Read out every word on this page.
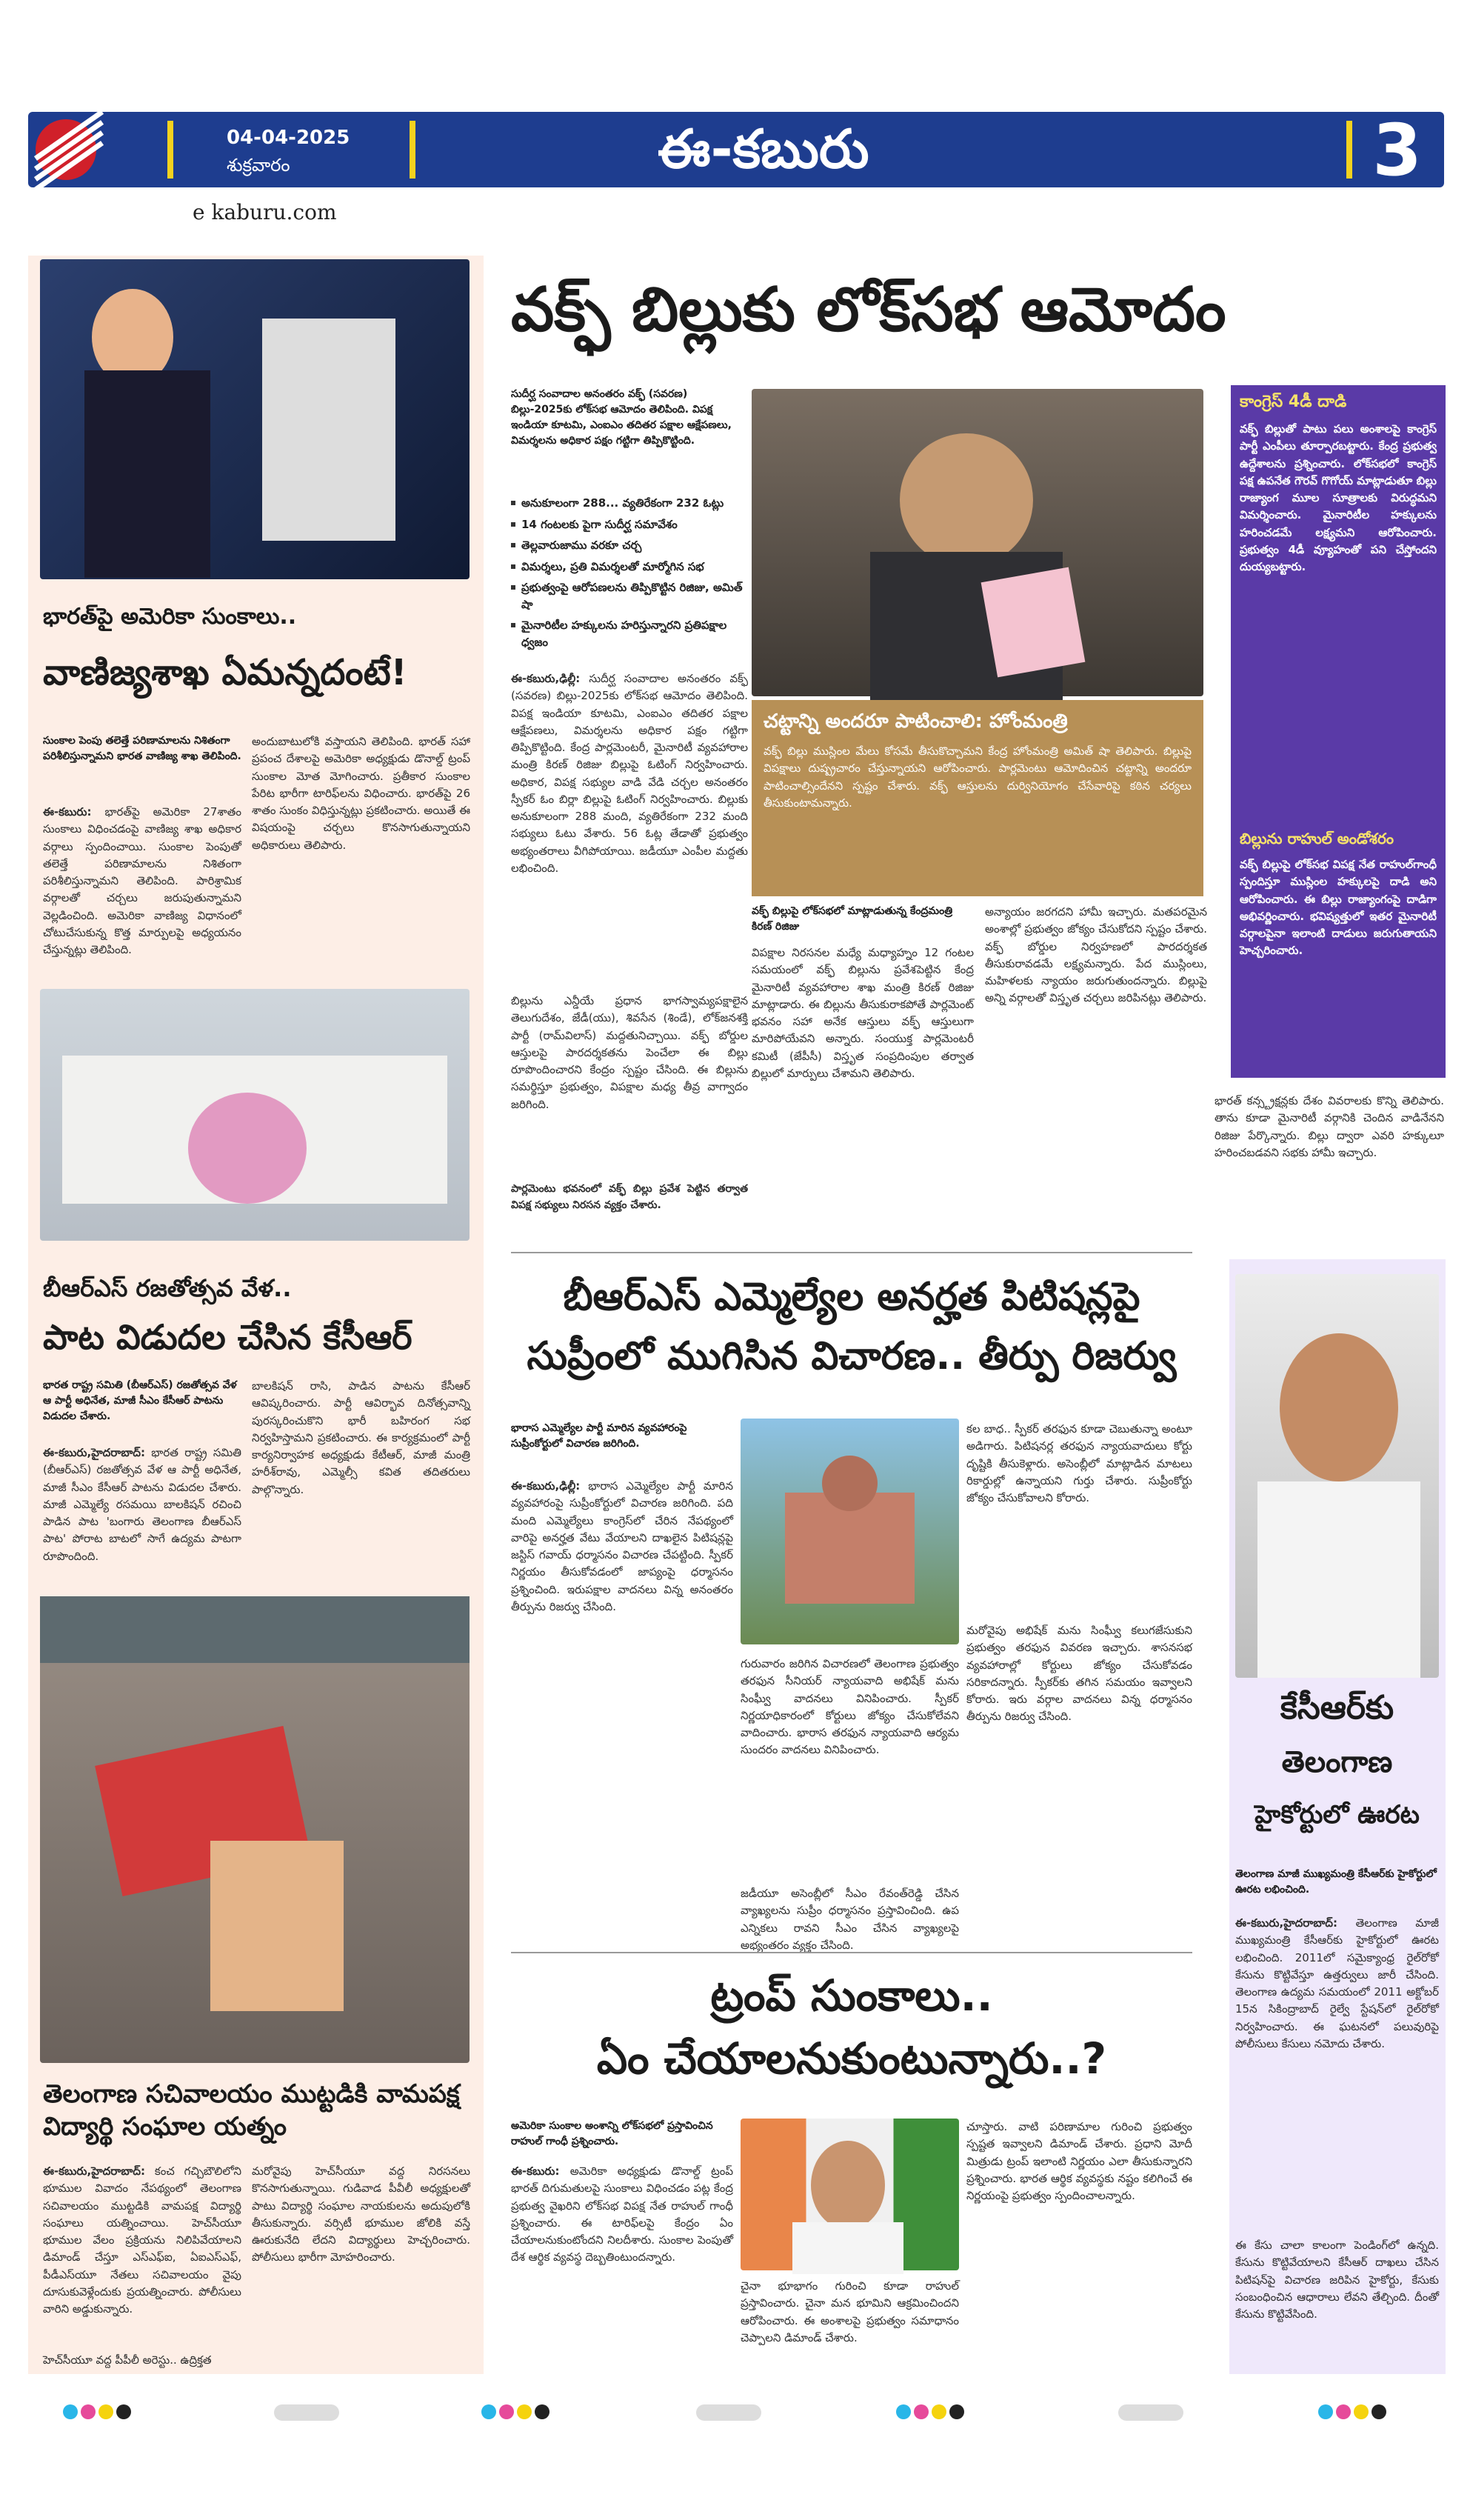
04-04-2025
శుక్రవారం	ఈ-కబురు	3
e kaburu.com
భారత్‌పై అమెరికా సుంకాలు..
వాణిజ్యశాఖ ఏమన్నదంటే!
సుంకాల పెంపు తలెత్తే పరిణామాలను నిశితంగా పరిశీలిస్తున్నామని భారత వాణిజ్య శాఖ తెలిపింది.
ఈ-కబురు: భారత్‌పై అమెరికా 27శాతం సుంకాలు విధించడంపై వాణిజ్య శాఖ అధికార వర్గాలు స్పందించాయి. సుంకాల పెంపుతో తలెత్తే పరిణామాలను నిశితంగా పరిశీలిస్తున్నామని తెలిపింది. పారిశ్రామిక వర్గాలతో చర్చలు జరుపుతున్నామని వెల్లడించింది. అమెరికా వాణిజ్య విధానంలో చోటుచేసుకున్న కొత్త మార్పులపై అధ్యయనం చేస్తున్నట్లు తెలిపింది.
అందుబాటులోకి వస్తాయని తెలిపింది. భారత్ సహా ప్రపంచ దేశాలపై అమెరికా అధ్యక్షుడు డొనాల్డ్ ట్రంప్ సుంకాల మోత మోగించారు. ప్రతీకార సుంకాల పేరిట భారీగా టారిఫ్‌లను విధించారు. భారత్‌పై 26 శాతం సుంకం విధిస్తున్నట్లు ప్రకటించారు. అయితే ఈ విషయంపై చర్చలు కొనసాగుతున్నాయని అధికారులు తెలిపారు.
బీఆర్ఎస్ రజతోత్సవ వేళ..
పాట విడుదల చేసిన కేసీఆర్
భారత రాష్ట్ర సమితి (బీఆర్ఎస్) రజతోత్సవ వేళ ఆ పార్టీ అధినేత, మాజీ సీఎం కేసీఆర్ పాటను విడుదల చేశారు.
ఈ-కబురు,హైదరాబాద్: భారత రాష్ట్ర సమితి (బీఆర్ఎస్) రజతోత్సవ వేళ ఆ పార్టీ అధినేత, మాజీ సీఎం కేసీఆర్ పాటను విడుదల చేశారు. మాజీ ఎమ్మెల్యే రసమయి బాలకిషన్ రచించి పాడిన పాట 'బంగారు తెలంగాణ బీఆర్ఎస్ పాట' పోరాట బాటలో సాగే ఉద్యమ పాటగా రూపొందింది.
బాలకిషన్ రాసి, పాడిన పాటను కేసీఆర్ ఆవిష్కరించారు. పార్టీ ఆవిర్భావ దినోత్సవాన్ని పురస్కరించుకొని భారీ బహిరంగ సభ నిర్వహిస్తామని ప్రకటించారు. ఈ కార్యక్రమంలో పార్టీ కార్యనిర్వాహక అధ్యక్షుడు కేటీఆర్, మాజీ మంత్రి హరీశ్‌రావు, ఎమ్మెల్సీ కవిత తదితరులు పాల్గొన్నారు.
తెలంగాణ సచివాలయం ముట్టడికి వామపక్ష విద్యార్థి సంఘాల యత్నం
ఈ-కబురు,హైదరాబాద్: కంచ గచ్చిబౌలిలోని భూముల వివాదం నేపథ్యంలో తెలంగాణ సచివాలయం ముట్టడికి వామపక్ష విద్యార్థి సంఘాలు యత్నించాయి. హెచ్‌సీయూ భూముల వేలం ప్రక్రియను నిలిపివేయాలని డిమాండ్ చేస్తూ ఎస్ఎఫ్ఐ, ఏఐఎస్ఎఫ్, పీడీఎస్‌యూ నేతలు సచివాలయం వైపు దూసుకువెళ్లేందుకు ప్రయత్నించారు. పోలీసులు వారిని అడ్డుకున్నారు.
హెచ్‌సీయూ వద్ద పీపీలీ అరెస్టు.. ఉద్రిక్తత
మరోవైపు హెచ్‌సీయూ వద్ద నిరసనలు కొనసాగుతున్నాయి. గుడివాడ పీవీలీ అధ్యక్షులతో పాటు విద్యార్థి సంఘాల నాయకులను అదుపులోకి తీసుకున్నారు. వర్సిటీ భూముల జోలికి వస్తే ఊరుకునేది లేదని విద్యార్థులు హెచ్చరించారు. పోలీసులు భారీగా మోహరించారు.
వక్ఫ్ బిల్లుకు లోక్‌సభ ఆమోదం
సుదీర్ఘ సంవాదాల అనంతరం వక్ఫ్ (సవరణ) బిల్లు-2025కు లోక్‌సభ ఆమోదం తెలిపింది. విపక్ష ఇండియా కూటమి, ఎంఐఎం తదితర పక్షాల ఆక్షేపణలు, విమర్శలను అధికార పక్షం గట్టిగా తిప్పికొట్టింది.
అనుకూలంగా 288... వ్యతిరేకంగా 232 ఓట్లు
14 గంటలకు పైగా సుదీర్ఘ సమావేశం
తెల్లవారుజాము వరకూ చర్చ
విమర్శలు, ప్రతి విమర్శలతో మార్మోగిన సభ
ప్రభుత్వంపై ఆరోపణలను తిప్పికొట్టిన రిజిజు, అమిత్ షా
మైనారిటీల హక్కులను హరిస్తున్నారని ప్రతిపక్షాల ధ్వజం
ఈ-కబురు,ఢిల్లీ: సుదీర్ఘ సంవాదాల అనంతరం వక్ఫ్ (సవరణ) బిల్లు-2025కు లోక్‌సభ ఆమోదం తెలిపింది. విపక్ష ఇండియా కూటమి, ఎంఐఎం తదితర పక్షాల ఆక్షేపణలు, విమర్శలను అధికార పక్షం గట్టిగా తిప్పికొట్టింది. కేంద్ర పార్లమెంటరీ, మైనారిటీ వ్యవహారాల మంత్రి కిరణ్ రిజిజు బిల్లుపై ఓటింగ్ నిర్వహించారు. అధికార, విపక్ష సభ్యుల వాడి వేడి చర్చల అనంతరం స్పీకర్ ఓం బిర్లా బిల్లుపై ఓటింగ్ నిర్వహించారు. బిల్లుకు అనుకూలంగా 288 మంది, వ్యతిరేకంగా 232 మంది సభ్యులు ఓటు వేశారు. 56 ఓట్ల తేడాతో ప్రభుత్వం అభ్యంతరాలు వీగిపోయాయి. జడీయూ ఎంపీల మద్దతు లభించింది.
బిల్లును ఎన్డీయే ప్రధాన భాగస్వామ్యపక్షాలైన తెలుగుదేశం, జేడీ(యు), శివసేన (శిండే), లోక్‌జనశక్తి పార్టీ (రామ్‌విలాస్) మద్దతునిచ్చాయి. వక్ఫ్ బోర్డుల ఆస్తులపై పారదర్శకతను పెంచేలా ఈ బిల్లు రూపొందించారని కేంద్రం స్పష్టం చేసింది. ఈ బిల్లును సమర్థిస్తూ ప్రభుత్వం, విపక్షాల మధ్య తీవ్ర వాగ్వాదం జరిగింది.
పార్లమెంటు భవనంలో వక్ఫ్ బిల్లు ప్రవేశ పెట్టిన తర్వాత విపక్ష సభ్యులు నిరసన వ్యక్తం చేశారు.
చట్టాన్ని అందరూ పాటించాలి: హోంమంత్రి
వక్ఫ్ బిల్లు ముస్లింల మేలు కోసమే తీసుకొచ్చామని కేంద్ర హోంమంత్రి అమిత్ షా తెలిపారు. బిల్లుపై విపక్షాలు దుష్ప్రచారం చేస్తున్నాయని ఆరోపించారు. పార్లమెంటు ఆమోదించిన చట్టాన్ని అందరూ పాటించాల్సిందేనని స్పష్టం చేశారు. వక్ఫ్ ఆస్తులను దుర్వినియోగం చేసేవారిపై కఠిన చర్యలు తీసుకుంటామన్నారు.
వక్ఫ్ బిల్లుపై లోక్‌సభలో మాట్లాడుతున్న కేంద్రమంత్రి కిరణ్ రిజిజు
విపక్షాల నిరసనల మధ్యే మధ్యాహ్నం 12 గంటల సమయంలో వక్ఫ్ బిల్లును ప్రవేశపెట్టిన కేంద్ర మైనారిటీ వ్యవహారాల శాఖ మంత్రి కిరణ్ రిజిజు మాట్లాడారు. ఈ బిల్లును తీసుకురాకపోతే పార్లమెంట్ భవనం సహా అనేక ఆస్తులు వక్ఫ్ ఆస్తులుగా మారిపోయేవని అన్నారు. సంయుక్త పార్లమెంటరీ కమిటీ (జేపీసీ) విస్తృత సంప్రదింపుల తర్వాత బిల్లులో మార్పులు చేశామని తెలిపారు.
అన్యాయం జరగదని హామీ ఇచ్చారు. మతపరమైన అంశాల్లో ప్రభుత్వం జోక్యం చేసుకోదని స్పష్టం చేశారు. వక్ఫ్ బోర్డుల నిర్వహణలో పారదర్శకత తీసుకురావడమే లక్ష్యమన్నారు. పేద ముస్లింలు, మహిళలకు న్యాయం జరుగుతుందన్నారు. బిల్లుపై అన్ని వర్గాలతో విస్తృత చర్చలు జరిపినట్లు తెలిపారు.
భారత్ కన్స్ట్రక్షన్లకు దేశం వివరాలకు కొన్ని తెలిపారు. తాను కూడా మైనారిటీ వర్గానికి చెందిన వాడినేనని రిజిజు పేర్కొన్నారు. బిల్లు ద్వారా ఎవరి హక్కులూ హరించబడవని సభకు హామీ ఇచ్చారు.
కాంగ్రెస్ 4డీ దాడి
వక్ఫ్ బిల్లుతో పాటు పలు అంశాలపై కాంగ్రెస్ పార్టీ ఎంపీలు తూర్పారబట్టారు. కేంద్ర ప్రభుత్వ ఉద్దేశాలను ప్రశ్నించారు. లోక్‌సభలో కాంగ్రెస్ పక్ష ఉపనేత గౌరవ్ గొగోయ్ మాట్లాడుతూ బిల్లు రాజ్యాంగ మూల సూత్రాలకు విరుద్ధమని విమర్శించారు. మైనారిటీల హక్కులను హరించడమే లక్ష్యమని ఆరోపించారు. ప్రభుత్వం 4డీ వ్యూహంతో పని చేస్తోందని దుయ్యబట్టారు.
బిల్లును రాహుల్ అండోశరం
వక్ఫ్ బిల్లుపై లోక్‌సభ విపక్ష నేత రాహుల్‌గాంధీ స్పందిస్తూ ముస్లింల హక్కులపై దాడి అని ఆరోపించారు. ఈ బిల్లు రాజ్యాంగంపై దాడిగా అభివర్ణించారు. భవిష్యత్తులో ఇతర మైనారిటీ వర్గాలపైనా ఇలాంటి దాడులు జరుగుతాయని హెచ్చరించారు.
బీఆర్ఎస్ ఎమ్మెల్యేల అనర్హత పిటిషన్లపై
సుప్రీంలో ముగిసిన విచారణ.. తీర్పు రిజర్వు
భారాస ఎమ్మెల్యేల పార్టీ మారిన వ్యవహారంపై సుప్రీంకోర్టులో విచారణ జరిగింది.
ఈ-కబురు,ఢిల్లీ: భారాస ఎమ్మెల్యేల పార్టీ మారిన వ్యవహారంపై సుప్రీంకోర్టులో విచారణ జరిగింది. పది మంది ఎమ్మెల్యేలు కాంగ్రెస్‌లో చేరిన నేపథ్యంలో వారిపై అనర్హత వేటు వేయాలని దాఖలైన పిటిషన్లపై జస్టిస్ గవాయ్ ధర్మాసనం విచారణ చేపట్టింది. స్పీకర్ నిర్ణయం తీసుకోవడంలో జాప్యంపై ధర్మాసనం ప్రశ్నించింది. ఇరుపక్షాల వాదనలు విన్న అనంతరం తీర్పును రిజర్వు చేసింది.
గురువారం జరిగిన విచారణలో తెలంగాణ ప్రభుత్వం తరఫున సీనియర్ న్యాయవాది అభిషేక్ మను సింఘ్వీ వాదనలు వినిపించారు. స్పీకర్ నిర్ణయాధికారంలో కోర్టులు జోక్యం చేసుకోలేవని వాదించారు. భారాస తరఫున న్యాయవాది ఆర్యమ సుందరం వాదనలు వినిపించారు.
జడీయూ అసెంబ్లీలో సీఎం రేవంత్‌రెడ్డి చేసిన వ్యాఖ్యలను సుప్రీం ధర్మాసనం ప్రస్తావించింది. ఉప ఎన్నికలు రావని సీఎం చేసిన వ్యాఖ్యలపై అభ్యంతరం వ్యక్తం చేసింది.
కల బాధ.. స్పీకర్ తరఫున కూడా చెబుతున్నా అంటూ అడిగారు. పిటిషనర్ల తరఫున న్యాయవాదులు కోర్టు దృష్టికి తీసుకెళ్లారు. అసెంబ్లీలో మాట్లాడిన మాటలు రికార్డుల్లో ఉన్నాయని గుర్తు చేశారు. సుప్రీంకోర్టు జోక్యం చేసుకోవాలని కోరారు.
మరోవైపు అభిషేక్ మను సింఘ్వీ కలుగజేసుకుని ప్రభుత్వం తరఫున వివరణ ఇచ్చారు. శాసనసభ వ్యవహారాల్లో కోర్టులు జోక్యం చేసుకోవడం సరికాదన్నారు. స్పీకర్‌కు తగిన సమయం ఇవ్వాలని కోరారు. ఇరు వర్గాల వాదనలు విన్న ధర్మాసనం తీర్పును రిజర్వు చేసింది.	కేసీఆర్‌కు
తెలంగాణ
హైకోర్టులో ఊరట
తెలంగాణ మాజీ ముఖ్యమంత్రి కేసీఆర్‌కు హైకోర్టులో ఊరట లభించింది.
ఈ-కబురు,హైదరాబాద్: తెలంగాణ మాజీ ముఖ్యమంత్రి కేసీఆర్‌కు హైకోర్టులో ఊరట లభించింది. 2011లో సమైక్యాంధ్ర రైల్‌రోకో కేసును కొట్టివేస్తూ ఉత్తర్వులు జారీ చేసింది. తెలంగాణ ఉద్యమ సమయంలో 2011 అక్టోబర్ 15న సికింద్రాబాద్ రైల్వే స్టేషన్‌లో రైల్‌రోకో నిర్వహించారు. ఈ ఘటనలో పలువురిపై పోలీసులు కేసులు నమోదు చేశారు.
ఈ కేసు చాలా కాలంగా పెండింగ్‌లో ఉన్నది. కేసును కొట్టివేయాలని కేసీఆర్ దాఖలు చేసిన పిటిషన్‌పై విచారణ జరిపిన హైకోర్టు, కేసుకు సంబంధించిన ఆధారాలు లేవని తేల్చింది. దీంతో కేసును కొట్టివేసింది.
ట్రంప్ సుంకాలు..
ఏం చేయాలనుకుంటున్నారు..?
అమెరికా సుంకాల అంశాన్ని లోక్‌సభలో ప్రస్తావించిన రాహుల్ గాంధీ ప్రశ్నించారు.
ఈ-కబురు: అమెరికా అధ్యక్షుడు డొనాల్డ్ ట్రంప్ భారత్ దిగుమతులపై సుంకాలు విధించడం పట్ల కేంద్ర ప్రభుత్వ వైఖరిని లోక్‌సభ విపక్ష నేత రాహుల్ గాంధీ ప్రశ్నించారు. ఈ టారిఫ్‌లపై కేంద్రం ఏం చేయాలనుకుంటోందని నిలదీశారు. సుంకాల పెంపుతో దేశ ఆర్థిక వ్యవస్థ దెబ్బతింటుందన్నారు.
చైనా భూభాగం గురించి కూడా రాహుల్ ప్రస్తావించారు. చైనా మన భూమిని ఆక్రమించిందని ఆరోపించారు. ఈ అంశాలపై ప్రభుత్వం సమాధానం చెప్పాలని డిమాండ్ చేశారు.
చూస్తారు. వాటి పరిణామాల గురించి ప్రభుత్వం స్పష్టత ఇవ్వాలని డిమాండ్ చేశారు. ప్రధాని మోదీ మిత్రుడు ట్రంప్ ఇలాంటి నిర్ణయం ఎలా తీసుకున్నారని ప్రశ్నించారు. భారత ఆర్థిక వ్యవస్థకు నష్టం కలిగించే ఈ నిర్ణయంపై ప్రభుత్వం స్పందించాలన్నారు.
